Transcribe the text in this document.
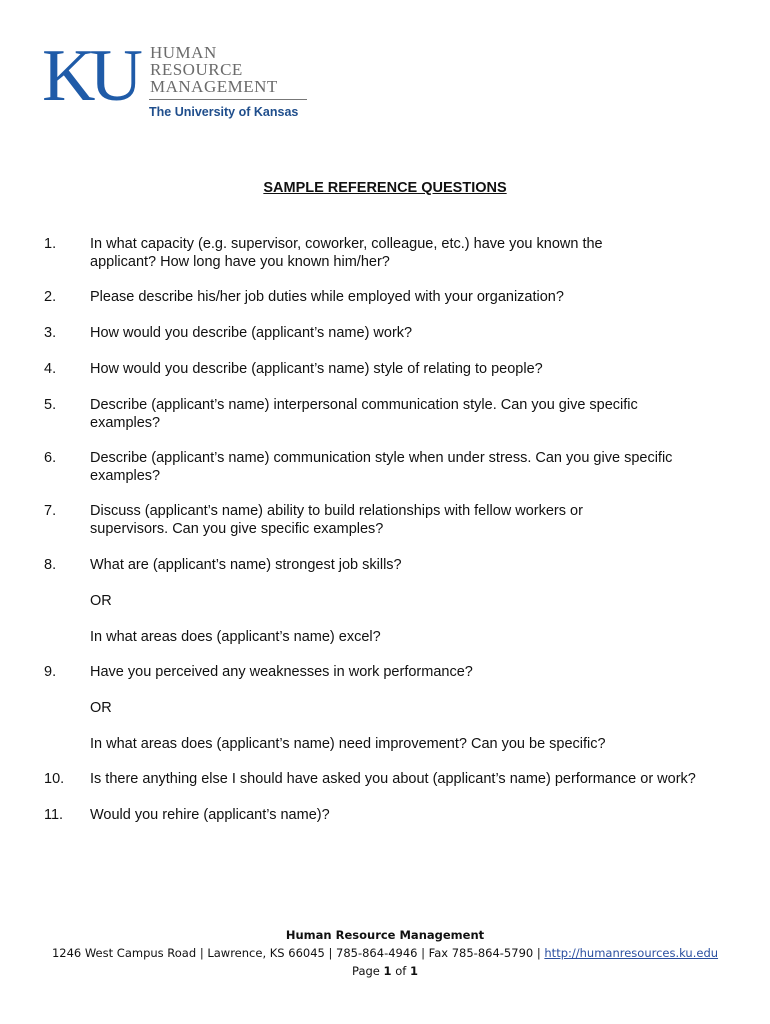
KU HUMAN
RESOURCE
MANAGEMENT
The University of Kansas
SAMPLE REFERENCE QUESTIONS
1.	In what capacity (e.g. supervisor, coworker, colleague, etc.) have you known the
applicant? How long have you known him/her?
2.	Please describe his/her job duties while employed with your organization?
3.	How would you describe (applicant’s name) work?
4.	How would you describe (applicant’s name) style of relating to people?
5.	Describe (applicant’s name) interpersonal communication style. Can you give specific
examples?
6.	Describe (applicant’s name) communication style when under stress. Can you give specific
examples?
7.	Discuss (applicant’s name) ability to build relationships with fellow workers or
supervisors. Can you give specific examples?
8.	What are (applicant’s name) strongest job skills?
OR
In what areas does (applicant’s name) excel?
9.	Have you perceived any weaknesses in work performance?
OR
In what areas does (applicant’s name) need improvement? Can you be specific?
10.	Is there anything else I should have asked you about (applicant’s name) performance or work?
11.	Would you rehire (applicant’s name)?
Human Resource Management
1246 West Campus Road | Lawrence, KS 66045 | 785-864-4946 | Fax 785-864-5790 | http://humanresources.ku.edu
Page 1 of 1
